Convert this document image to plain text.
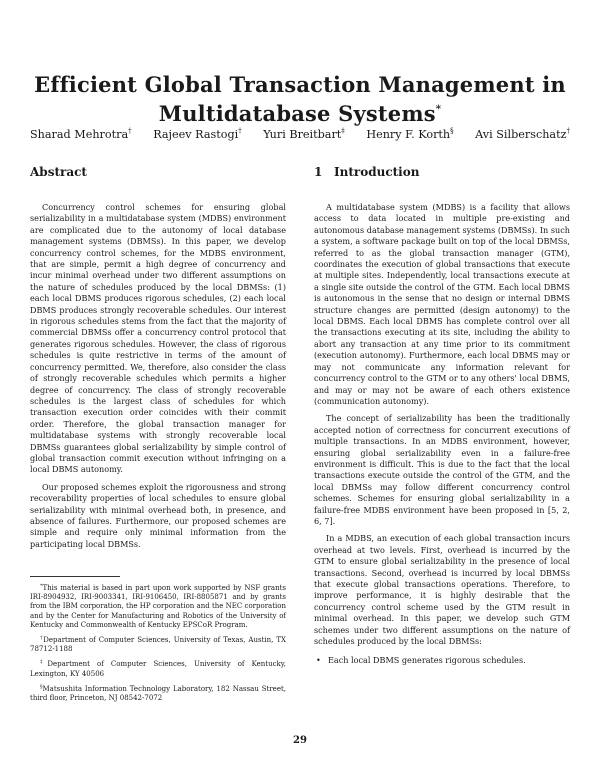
Efficient Global Transaction Management in
Multidatabase Systems*
Sharad Mehrotra† Rajeev Rastogi† Yuri Breitbart‡ Henry F. Korth§ Avi Silberschatz†
Abstract

Concurrency control schemes for ensuring global serializability in a multidatabase system (MDBS) environment are complicated due to the autonomy of local database management systems (DBMSs). In this paper, we develop concurrency control schemes, for the MDBS environment, that are simple, permit a high degree of concurrency and incur minimal overhead under two different assumptions on the nature of schedules produced by the local DBMSs: (1) each local DBMS produces rigorous schedules, (2) each local DBMS produces strongly recoverable schedules. Our interest in rigorous schedules stems from the fact that the majority of commercial DBMSs offer a concurrency control protocol that generates rigorous schedules. However, the class of rigorous schedules is quite restrictive in terms of the amount of concurrency permitted. We, therefore, also consider the class of strongly recoverable schedules which permits a higher degree of concurrency. The class of strongly recoverable schedules is the largest class of schedules for which transaction execution order coincides with their commit order. Therefore, the global transaction manager for multidatabase systems with strongly recoverable local DBMSs guarantees global serializability by simple control of global transaction commit execution without infringing on a local DBMS autonomy.

Our proposed schemes exploit the rigorousness and strong recoverability properties of local schedules to ensure global serializability with minimal overhead both, in presence, and absence of failures. Furthermore, our proposed schemes are simple and require only minimal information from the participating local DBMSs.

*This material is based in part upon work supported by NSF grants IRI-8904932, IRI-9003341, IRI-9106450, IRI-8805871 and by grants from the IBM corporation, the HP corporation and the NEC corporation and by the Center for Manufacturing and Robotics of the University of Kentucky and Commonwealth of Kentucky EPSCoR Program.

†Department of Computer Sciences, University of Texas, Austin, TX 78712-1188

‡Department of Computer Sciences, University of Kentucky, Lexington, KY 40506

§Matsushita Information Technology Laboratory, 182 Nassau Street, third floor, Princeton, NJ 08542-7072

1 Introduction

A multidatabase system (MDBS) is a facility that allows access to data located in multiple pre-existing and autonomous database management systems (DBMSs). In such a system, a software package built on top of the local DBMSs, referred to as the global transaction manager (GTM), coordinates the execution of global transactions that execute at multiple sites. Independently, local transactions execute at a single site outside the control of the GTM. Each local DBMS is autonomous in the sense that no design or internal DBMS structure changes are permitted (design autonomy) to the local DBMS. Each local DBMS has complete control over all the transactions executing at its site, including the ability to abort any transaction at any time prior to its commitment (execution autonomy). Furthermore, each local DBMS may or may not communicate any information relevant for concurrency control to the GTM or to any others' local DBMS, and may or may not be aware of each others existence (communication autonomy).

The concept of serializability has been the traditionally accepted notion of correctness for concurrent executions of multiple transactions. In an MDBS environment, however, ensuring global serializability even in a failure-free environment is difficult. This is due to the fact that the local transactions execute outside the control of the GTM, and the local DBMSs may follow different concurrency control schemes. Schemes for ensuring global serializability in a failure-free MDBS environment have been proposed in [5, 2, 6, 7].

In a MDBS, an execution of each global transaction incurs overhead at two levels. First, overhead is incurred by the GTM to ensure global serializability in the presence of local transactions. Second, overhead is incurred by local DBMSs that execute global transactions operations. Therefore, to improve performance, it is highly desirable that the concurrency control scheme used by the GTM result in minimal overhead. In this paper, we develop such GTM schemes under two different assumptions on the nature of schedules produced by the local DBMSs:

• Each local DBMS generates rigorous schedules.

29
